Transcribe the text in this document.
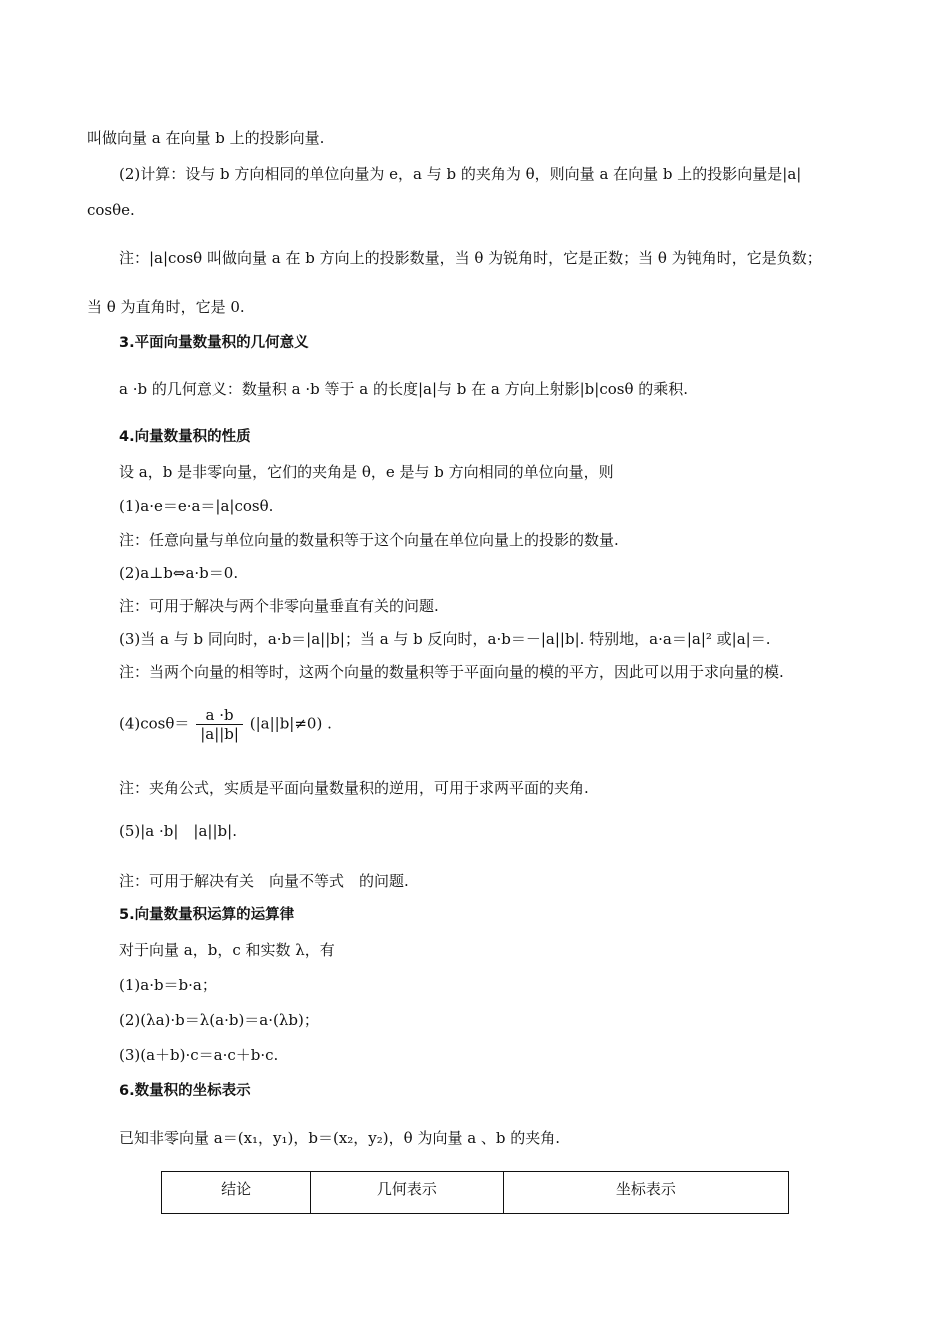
叫做向量 a 在向量 b 上的投影向量.
(2)计算：设与 b 方向相同的单位向量为 e，a 与 b 的夹角为 θ，则向量 a 在向量 b 上的投影向量是|a|
cosθe.
注：|a|cosθ 叫做向量 a 在 b 方向上的投影数量，当 θ 为锐角时，它是正数；当 θ 为钝角时，它是负数；
当 θ 为直角时，它是 0.
3.平面向量数量积的几何意义
a ·b 的几何意义：数量积 a ·b 等于 a 的长度|a|与 b 在 a 方向上射影|b|cosθ 的乘积.
4.向量数量积的性质
设 a，b 是非零向量，它们的夹角是 θ，e 是与 b 方向相同的单位向量，则
(1)a·e＝e·a＝|a|cosθ.
注：任意向量与单位向量的数量积等于这个向量在单位向量上的投影的数量.
(2)a⊥b⇔a·b＝0.
注：可用于解决与两个非零向量垂直有关的问题.
(3)当 a 与 b 同向时，a·b＝|a||b|；当 a 与 b 反向时，a·b＝－|a||b|. 特别地，a·a＝|a|² 或|a|＝.
注：当两个向量的相等时，这两个向量的数量积等于平面向量的模的平方，因此可以用于求向量的模.
$(4)\cos\theta= \frac{a \cdot b}{|a||b|} (|a||b|\ne 0)$ .
注：夹角公式，实质是平面向量数量积的逆用，可用于求两平面的夹角.
(5)|a ·b|　|a||b|.
注：可用于解决有关　向量不等式　的问题.
5.向量数量积运算的运算律
对于向量 a，b，c 和实数 λ，有
(1)a·b＝b·a；
(2)(λa)·b＝λ(a·b)＝a·(λb)；
(3)(a＋b)·c＝a·c＋b·c.
6.数量积的坐标表示
已知非零向量 a＝(x₁，y₁)，b＝(x₂，y₂)，θ 为向量 a 、b 的夹角.
结论	几何表示	坐标表示
